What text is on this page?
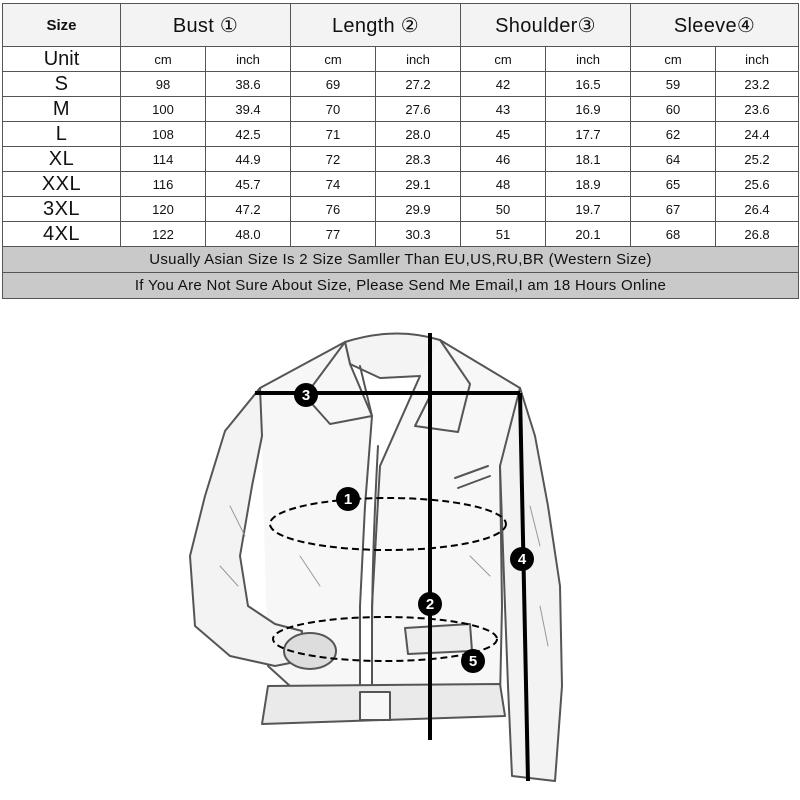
Size	Bust ①		Length ②		Shoulder③		Sleeve④	
Unit	cm	inch	cm	inch	cm	inch	cm	inch
S	98	38.6	69	27.2	42	16.5	59	23.2
M	100	39.4	70	27.6	43	16.9	60	23.6
L	108	42.5	71	28.0	45	17.7	62	24.4
XL	114	44.9	72	28.3	46	18.1	64	25.2
XXL	116	45.7	74	29.1	48	18.9	65	25.6
3XL	120	47.2	76	29.9	50	19.7	67	26.4
4XL	122	48.0	77	30.3	51	20.1	68	26.8
Usually Asian Size Is 2 Size Samller Than EU,US,RU,BR (Western Size)								
If You Are Not Sure About Size, Please Send Me Email,I am 18 Hours Online								
1
2
3
4
5
